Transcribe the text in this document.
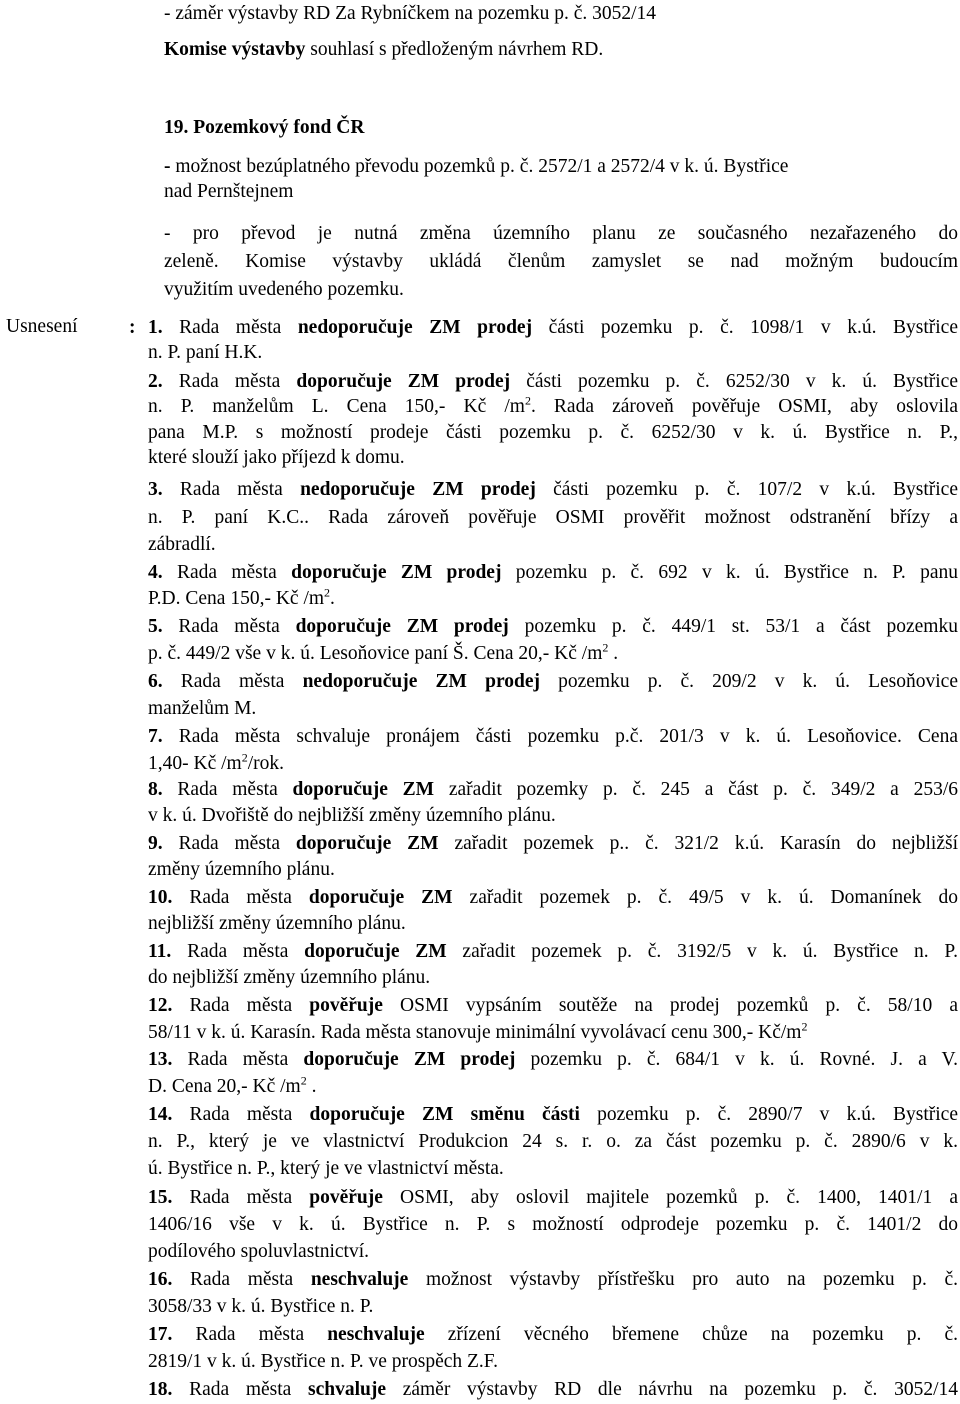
- záměr výstavby RD Za Rybníčkem na pozemku p. č. 3052/14
Komise výstavby souhlasí s předloženým návrhem RD.
19. Pozemkový fond ČR
- možnost bezúplatného převodu pozemků p. č. 2572/1 a 2572/4 v k. ú. Bystřice
nad Pernštejnem
- pro převod je nutná změna územního planu ze současného nezařazeného do
zeleně. Komise výstavby ukládá členům zamyslet se nad možným budoucím
využitím uvedeného pozemku.
Usnesení	: 1. Rada města nedoporučuje ZM prodej části pozemku p. č. 1098/1 v k.ú. Bystřice
n. P. paní H.K.
2. Rada města doporučuje ZM prodej části pozemku p. č. 6252/30 v k. ú. Bystřice
n. P. manželům L. Cena 150,- Kč $/m^2$. Rada zároveň pověřuje OSMI, aby oslovila
pana M.P. s možností prodeje části pozemku p. č. 6252/30 v k. ú. Bystřice n. P.,
které slouží jako příjezd k domu.
3. Rada města nedoporučuje ZM prodej části pozemku p. č. 107/2 v k.ú. Bystřice
n. P. paní K.C.. Rada zároveň pověřuje OSMI prověřit možnost odstranění břízy a
zábradlí.
4. Rada města doporučuje ZM prodej pozemku p. č. 692 v k. ú. Bystřice n. P. panu
P.D. Cena 150,- Kč $/m^2$.
5. Rada města doporučuje ZM prodej pozemku p. č. 449/1 st. 53/1 a část pozemku
p. č. 449/2 vše v k. ú. Lesoňovice paní Š. Cena 20,- Kč $/m^2$ .
6. Rada města nedoporučuje ZM prodej pozemku p. č. 209/2 v k. ú. Lesoňovice
manželům M.
7. Rada města schvaluje pronájem části pozemku p.č. 201/3 v k. ú. Lesoňovice. Cena
1,40- Kč $/m^2$/rok.
8. Rada města doporučuje ZM zařadit pozemky p. č. 245 a část p. č. 349/2 a 253/6
v k. ú. Dvořiště do nejbližší změny územního plánu.
9. Rada města doporučuje ZM zařadit pozemek p.. č. 321/2 k.ú. Karasín do nejbližší
změny územního plánu.
10. Rada města doporučuje ZM zařadit pozemek p. č. 49/5 v k. ú. Domanínek do
nejbližší změny územního plánu.
11. Rada města doporučuje ZM zařadit pozemek p. č. 3192/5 v k. ú. Bystřice n. P.
do nejbližší změny územního plánu.
12. Rada města pověřuje OSMI vypsáním soutěže na prodej pozemků p. č. 58/10 a
58/11 v k. ú. Karasín. Rada města stanovuje minimální vyvolávací cenu 300,- $Kč/m^2$
13. Rada města doporučuje ZM prodej pozemku p. č. 684/1 v k. ú. Rovné. J. a V.
D. Cena 20,- Kč $/m^2$ .
14. Rada města doporučuje ZM směnu části pozemku p. č. 2890/7 v k.ú. Bystřice
n. P., který je ve vlastnictví Produkcion 24 s. r. o. za část pozemku p. č. 2890/6 v k.
ú. Bystřice n. P., který je ve vlastnictví města.
15. Rada města pověřuje OSMI, aby oslovil majitele pozemků p. č. 1400, 1401/1 a
1406/16 vše v k. ú. Bystřice n. P. s možností odprodeje pozemku p. č. 1401/2 do
podílového spoluvlastnictví.
16. Rada města neschvaluje možnost výstavby přístřešku pro auto na pozemku p. č.
3058/33 v k. ú. Bystřice n. P.
17. Rada města neschvaluje zřízení věcného břemene chůze na pozemku p. č.
2819/1 v k. ú. Bystřice n. P. ve prospěch Z.F.
18. Rada města schvaluje záměr výstavby RD dle návrhu na pozemku p. č. 3052/14
